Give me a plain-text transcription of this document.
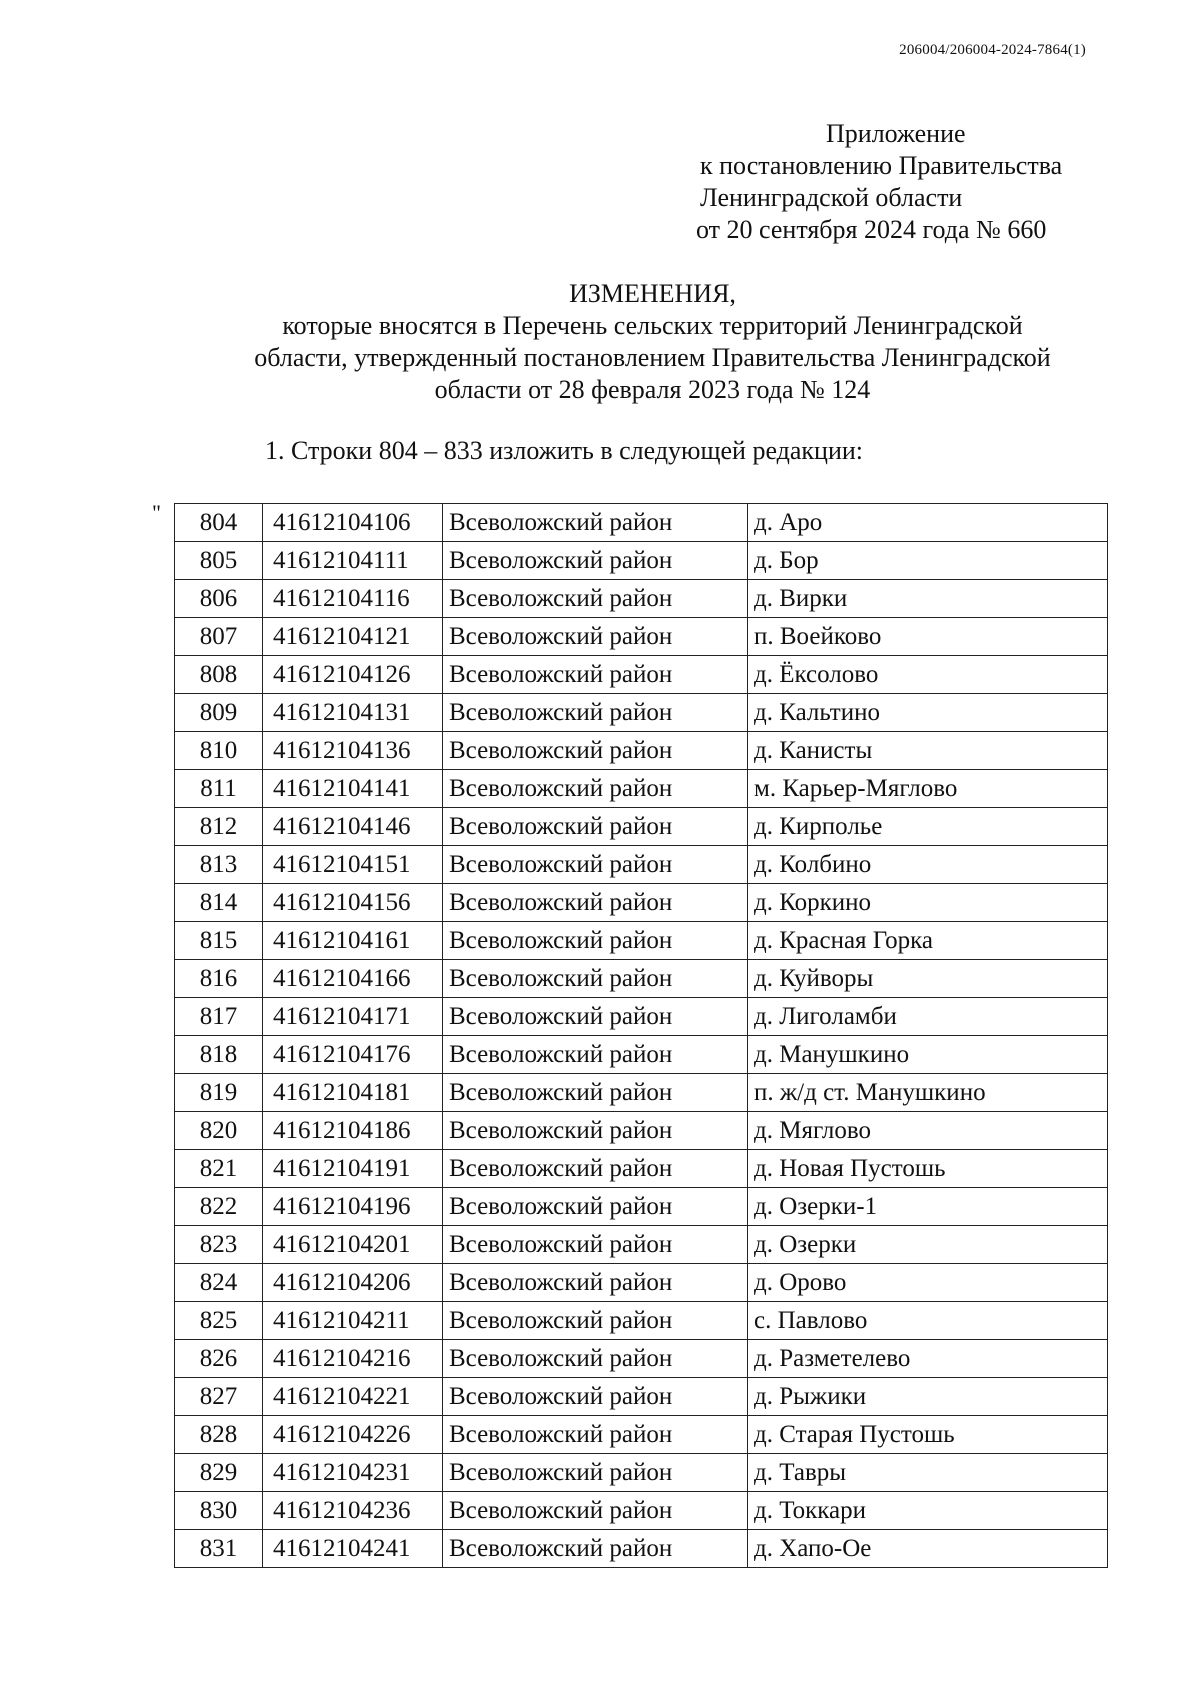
206004/206004-2024-7864(1)
Приложение
к постановлению Правительства
Ленинградской области
от 20 сентября 2024 года № 660
ИЗМЕНЕНИЯ,
которые вносятся в Перечень сельских территорий Ленинградской
области, утвержденный постановлением Правительства Ленинградской
области от 28 февраля 2023 года № 124
1. Строки 804 – 833 изложить в следующей редакции:
" 804	41612104106	Всеволожский район	д. Аро
805	41612104111	Всеволожский район	д. Бор
806	41612104116	Всеволожский район	д. Вирки
807	41612104121	Всеволожский район	п. Воейково
808	41612104126	Всеволожский район	д. Ёксолово
809	41612104131	Всеволожский район	д. Кальтино
810	41612104136	Всеволожский район	д. Канисты
811	41612104141	Всеволожский район	м. Карьер-Мяглово
812	41612104146	Всеволожский район	д. Кирполье
813	41612104151	Всеволожский район	д. Колбино
814	41612104156	Всеволожский район	д. Коркино
815	41612104161	Всеволожский район	д. Красная Горка
816	41612104166	Всеволожский район	д. Куйворы
817	41612104171	Всеволожский район	д. Лиголамби
818	41612104176	Всеволожский район	д. Манушкино
819	41612104181	Всеволожский район	п. ж/д ст. Манушкино
820	41612104186	Всеволожский район	д. Мяглово
821	41612104191	Всеволожский район	д. Новая Пустошь
822	41612104196	Всеволожский район	д. Озерки-1
823	41612104201	Всеволожский район	д. Озерки
824	41612104206	Всеволожский район	д. Орово
825	41612104211	Всеволожский район	с. Павлово
826	41612104216	Всеволожский район	д. Разметелево
827	41612104221	Всеволожский район	д. Рыжики
828	41612104226	Всеволожский район	д. Старая Пустошь
829	41612104231	Всеволожский район	д. Тавры
830	41612104236	Всеволожский район	д. Токкари
831	41612104241	Всеволожский район	д. Хапо-Ое
